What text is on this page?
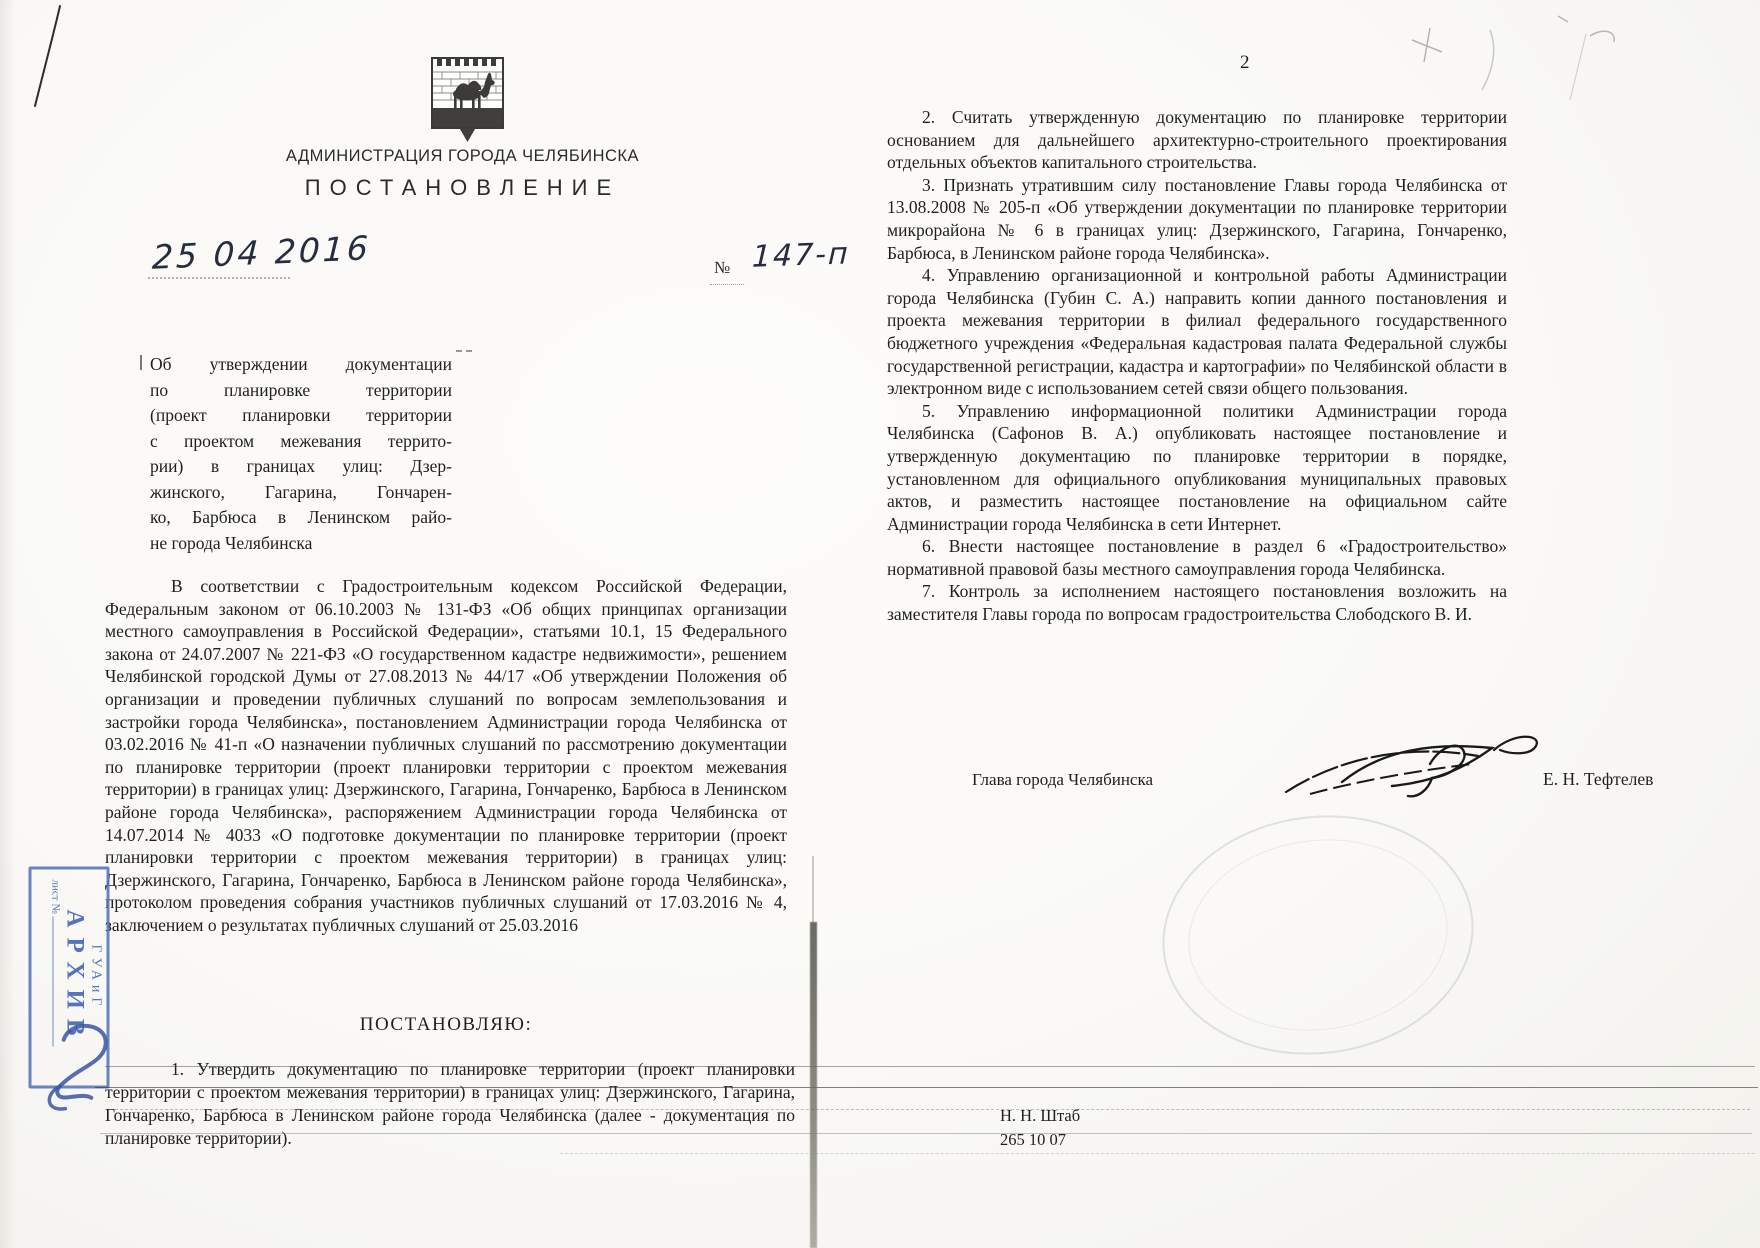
АДМИНИСТРАЦИЯ ГОРОДА ЧЕЛЯБИНСКА
ПОСТАНОВЛЕНИЕ
25 04 2016	№ 147-п
Об утверждении документации
по планировке территории
(проект планировки территории
с проектом межевания террито-
рии) в границах улиц: Дзер-
жинского, Гагарина, Гончарен-
ко, Барбюса в Ленинском райо-
не города Челябинска
В соответствии с Градостроительным кодексом Российской Федерации, Федеральным законом от 06.10.2003 № 131-ФЗ «Об общих принципах организации местного самоуправления в Российской Федерации», статьями 10.1, 15 Федерального закона от 24.07.2007 № 221-ФЗ «О государственном кадастре недвижимости», решением Челябинской городской Думы от 27.08.2013 № 44/17 «Об утверждении Положения об организации и проведении публичных слушаний по вопросам землепользования и застройки города Челябинска», постановлением Администрации города Челябинска от 03.02.2016 № 41-п «О назначении публичных слушаний по рассмотрению документации по планировке территории (проект планировки территории с проектом межевания территории) в границах улиц: Дзержинского, Гагарина, Гончаренко, Барбюса в Ленинском районе города Челябинска», распоряжением Администрации города Челябинска от 14.07.2014 № 4033 «О подготовке документации по планировке территории (проект планировки территории с проектом межевания территории) в границах улиц: Дзержинского, Гагарина, Гончаренко, Барбюса в Ленинском районе города Челябинска», протоколом проведения собрания участников публичных слушаний от 17.03.2016 № 4, заключением о результатах публичных слушаний от 25.03.2016
ПОСТАНОВЛЯЮ:
1. Утвердить документацию по планировке территории (проект планировки территории с проектом межевания территории) в границах улиц: Дзержинского, Гагарина, Гончаренко, Барбюса в Ленинском районе города Челябинска (далее - документация по планировке территории).
ГУАиГ
АРХИВ
лист №
2

2. Считать утвержденную документацию по планировке территории основанием для дальнейшего архитектурно-строительного проектирования отдельных объектов капитального строительства.

3. Признать утратившим силу постановление Главы города Челябинска от 13.08.2008 № 205-п «Об утверждении документации по планировке территории микрорайона № 6 в границах улиц: Дзержинского, Гагарина, Гончаренко, Барбюса, в Ленинском районе города Челябинска».

4. Управлению организационной и контрольной работы Администрации города Челябинска (Губин С. А.) направить копии данного постановления и проекта межевания территории в филиал федерального государственного бюджетного учреждения «Федеральная кадастровая палата Федеральной службы государственной регистрации, кадастра и картографии» по Челябинской области в электронном виде с использованием сетей связи общего пользования.

5. Управлению информационной политики Администрации города Челябинска (Сафонов В. А.) опубликовать настоящее постановление и утвержденную документацию по планировке территории в порядке, установленном для официального опубликования муниципальных правовых актов, и разместить настоящее постановление на официальном сайте Администрации города Челябинска в сети Интернет.

6. Внести настоящее постановление в раздел 6 «Градостроительство» нормативной правовой базы местного самоуправления города Челябинска.

7. Контроль за исполнением настоящего постановления возложить на заместителя Главы города по вопросам градостроительства Слободского В. И.

Глава города Челябинска	Е. Н. Тефтелев
Н. Н. Штаб
265 10 07
